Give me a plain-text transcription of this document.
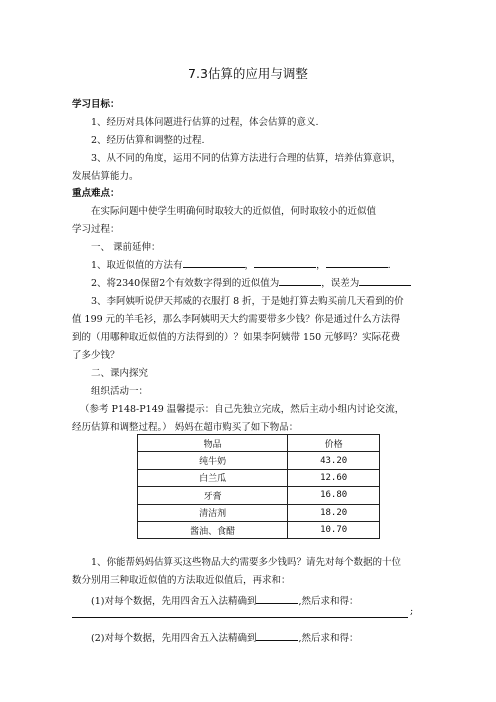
7.3估算的应用与调整
学习目标：
1、经历对具体问题进行估算的过程，体会估算的意义.
2、经历估算和调整的过程.
3、从不同的角度，运用不同的估算方法进行合理的估算，培养估算意识，
发展估算能力。
重点难点：
在实际问题中使学生明确何时取较大的近似值，何时取较小的近似值
学习过程：
一、 课前延伸：
1、取近似值的方法有	，	，	.
2、将2340保留2个有效数字得到的近似值为	，误差为
3、李阿姨听说伊天邦威的衣服打 8 折，于是她打算去购买前几天看到的价
值 199 元的羊毛衫，那么李阿姨明天大约需要带多少钱？你是通过什么方法得
到的（用哪种取近似值的方法得到的）？如果李阿姨带 150 元够吗？实际花费
了多少钱？
二、课内探究
组织活动一：
（参考 P148-P149 温馨提示：自己先独立完成，然后主动小组内讨论交流，
经历估算和调整过程。） 妈妈在超市购买了如下物品：
物品	价格
纯牛奶	43.20
白兰瓜	12.60
牙膏	16.80
清洁剂	18.20
酱油、食醋	10.70
1、你能帮妈妈估算买这些物品大约需要多少钱吗？请先对每个数据的十位
数分别用三种取近似值的方法取近似值后，再求和：
(1)对每个数据，先用四舍五入法精确到	,然后求和得：
;
(2)对每个数据，先用四舍五入法精确到	,然后求和得：
